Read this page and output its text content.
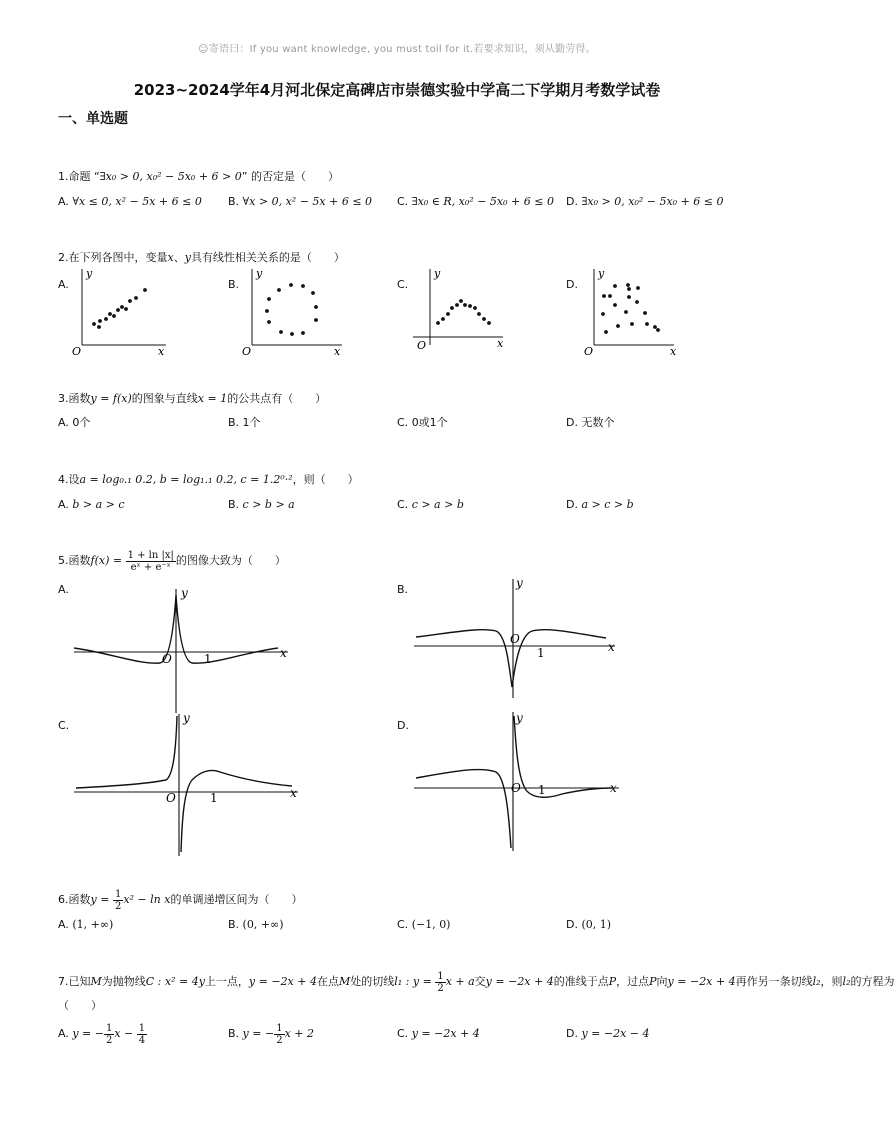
☺寄语曰：If you want knowledge, you must toil for it.若要求知识，须从勤劳得。
2023~2024学年4月河北保定高碑店市崇德实验中学高二下学期月考数学试卷
一、单选题
1.命题 “∃x₀ > 0, x₀² − 5x₀ + 6 > 0” 的否定是（　　）
A. ∀x ≤ 0, x² − 5x + 6 ≤ 0 B. ∀x > 0, x² − 5x + 6 ≤ 0 C. ∃x₀ ∈ R, x₀² − 5x₀ + 6 ≤ 0 D. ∃x₀ > 0, x₀² − 5x₀ + 6 ≤ 0
2.在下列各图中，变量x、y具有线性相关关系的是（　　）
A.
y
x
O
B.
y
x
O
C.
y
x
O
D.
y
x
O
3.函数y = f(x)的图象与直线x = 1的公共点有（　　）
A. 0个	B. 1个	C. 0或1个	D. 无数个
4.设a = log₀.₁ 0.2, b = log₁.₁ 0.2, c = 1.2⁰·²，则（　　）
A. b > a > c	B. c > b > a	C. c > a > b	D. a > c > b
5.函数$f(x) = \frac{1 + \ln |x|}{\text{eˣ + e⁻ˣ}}$ 的图像大致为（　　）
A.	y
x
O	1
B.	y
x
O
1
C.
y
x
O	1
D.
y
x
O 1
6.函数$y = \frac{1}{2} x^2 - \ln x$的单调递增区间为（　　）
A. (1, +∞)	B. (0, +∞)	C. (−1, 0)	D. (0, 1)
7.已知M为抛物线C : x² = 4y上一点，y = −2x + 4在点M处的切线l₁ : $y = \frac{1}{2}$ x + a交y = −2x + 4的准线于点P，过点P向y = −2x + 4再作另一条切线l₂，则l₂的方程为
（　　）
A. y = − $\frac{1}{2}$ $x - \frac{1}{4}$	B. y = − $\frac{1}{2}$ x + 2	C. y = −2x + 4	D. y = −2x − 4
